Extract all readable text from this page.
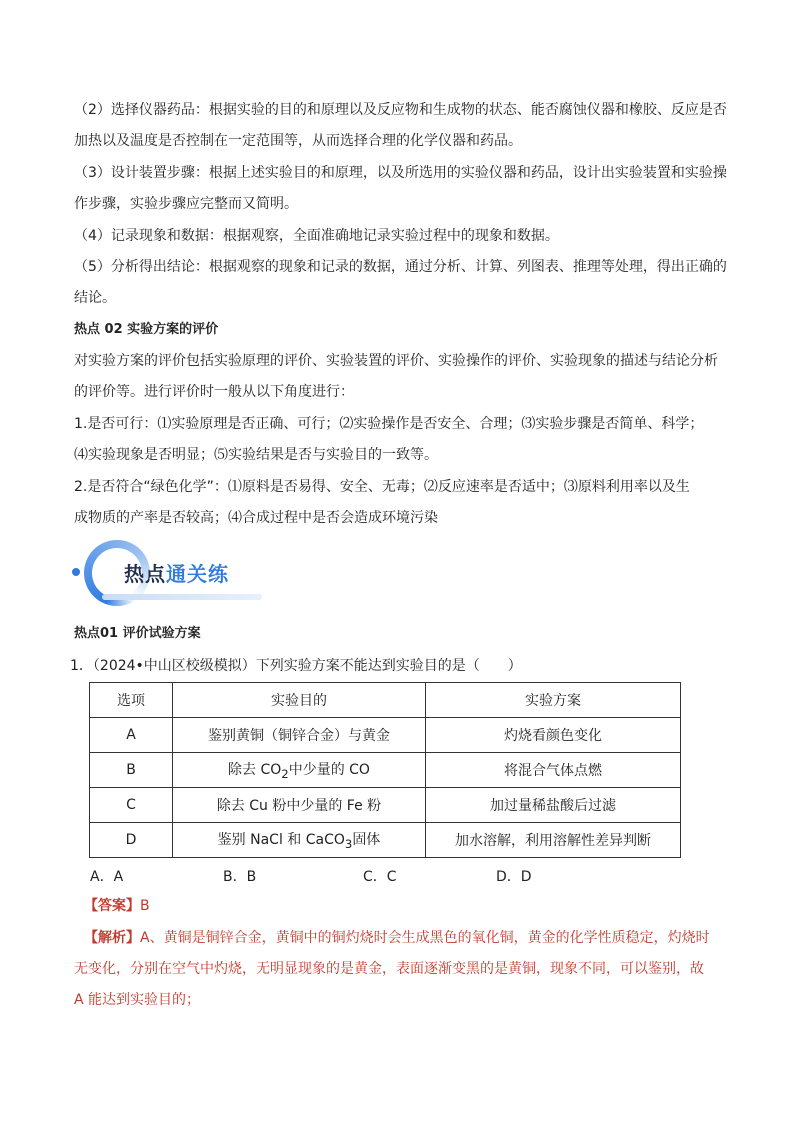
（2）选择仪器药品：根据实验的目的和原理以及反应物和生成物的状态、能否腐蚀仪器和橡胶、反应是否
加热以及温度是否控制在一定范围等，从而选择合理的化学仪器和药品。
（3）设计装置步骤：根据上述实验目的和原理，以及所选用的实验仪器和药品，设计出实验装置和实验操
作步骤，实验步骤应完整而又简明。
（4）记录现象和数据：根据观察，全面准确地记录实验过程中的现象和数据。
（5）分析得出结论：根据观察的现象和记录的数据，通过分析、计算、列图表、推理等处理，得出正确的
结论。
热点 02 实验方案的评价
对实验方案的评价包括实验原理的评价、实验装置的评价、实验操作的评价、实验现象的描述与结论分析
的评价等。进行评价时一般从以下角度进行：
1.是否可行：⑴实验原理是否正确、可行；⑵实验操作是否安全、合理；⑶实验步骤是否简单、科学；
⑷实验现象是否明显；⑸实验结果是否与实验目的一致等。
2.是否符合“绿色化学”：⑴原料是否易得、安全、无毒；⑵反应速率是否适中；⑶原料利用率以及生
成物质的产率是否较高；⑷合成过程中是否会造成环境污染
热点通关练
热点01 评价试验方案
1．（2024•中山区校级模拟）下列实验方案不能达到实验目的是（　　）
选项	实验目的	实验方案
A	鉴别黄铜（铜锌合金）与黄金	灼烧看颜色变化
B	除去 $CO_2$中少量的 CO	将混合气体点燃
C	除去 Cu 粉中少量的 Fe 粉	加过量稀盐酸后过滤
D	鉴别 NaCl 和 CaCO$_3$固体	加水溶解，利用溶解性差异判断
A．A	B．B	C．C	D．D
【答案】B
【解析】A、黄铜是铜锌合金，黄铜中的铜灼烧时会生成黑色的氧化铜，黄金的化学性质稳定，灼烧时
无变化，分别在空气中灼烧，无明显现象的是黄金，表面逐渐变黑的是黄铜，现象不同，可以鉴别，故
A 能达到实验目的；
